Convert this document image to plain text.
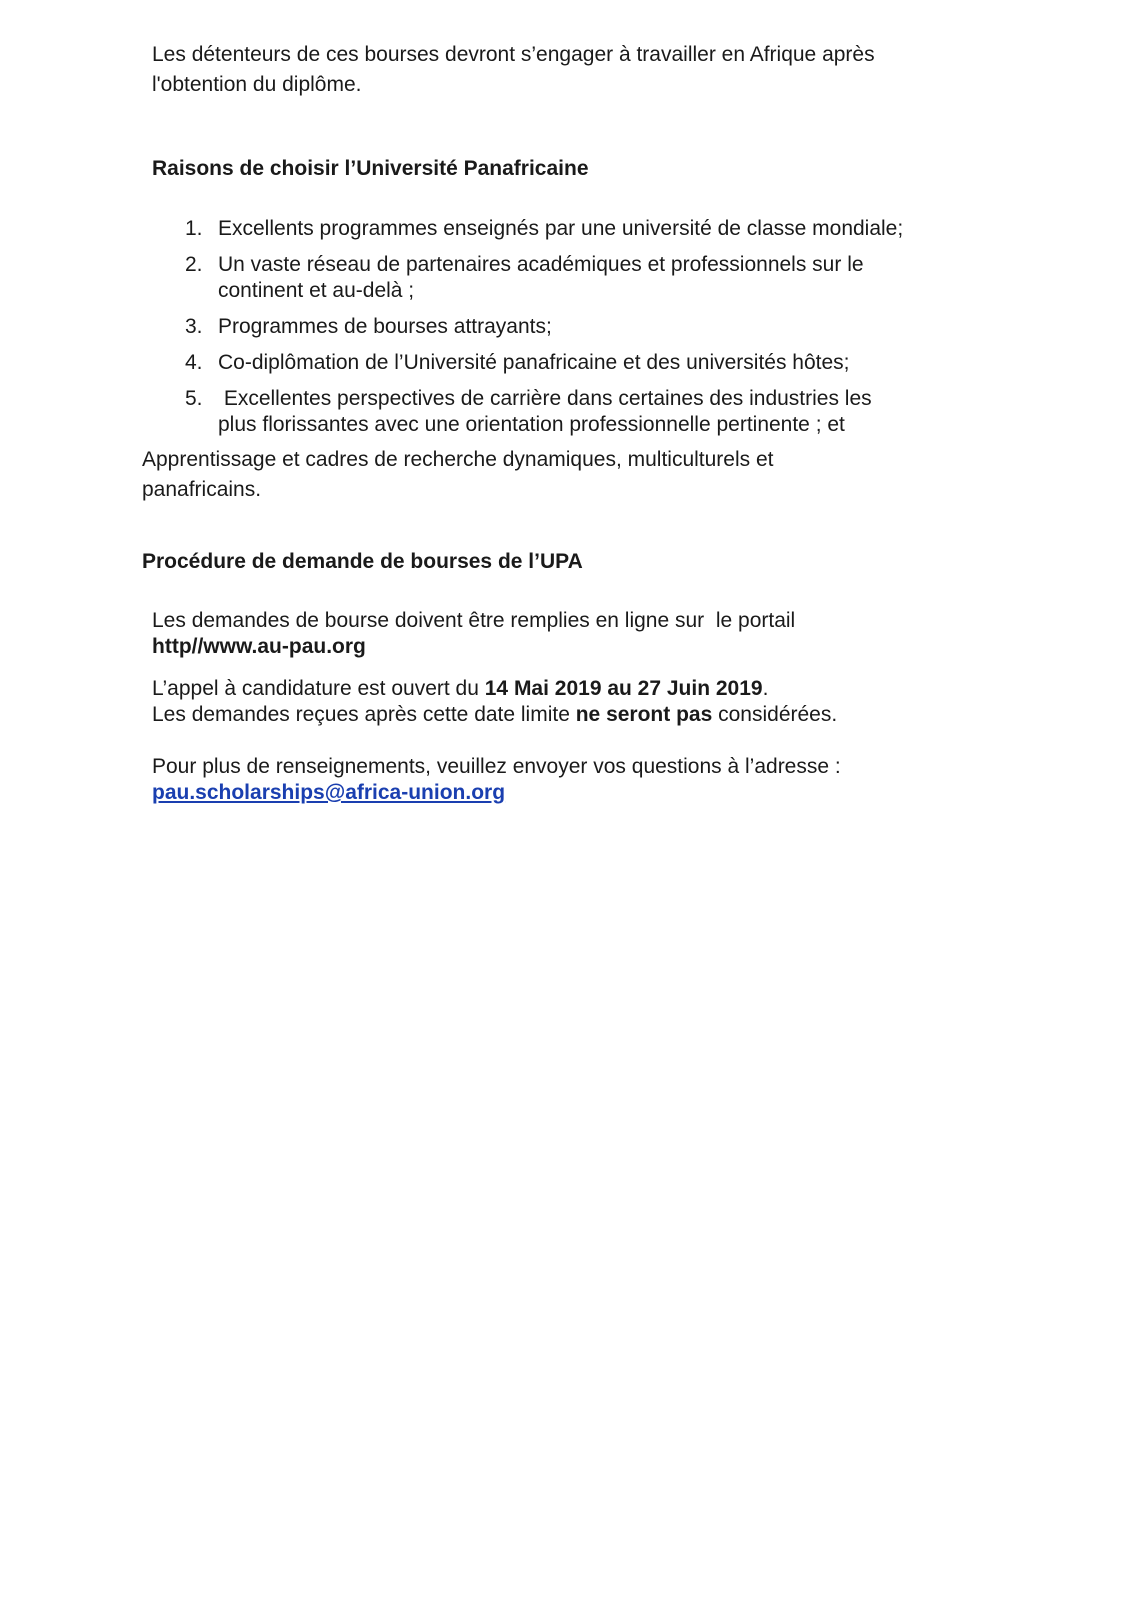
Les détenteurs de ces bourses devront s’engager à travailler en Afrique après
l'obtention du diplôme.
Raisons de choisir l’Université Panafricaine
1. Excellents programmes enseignés par une université de classe mondiale;
2. Un vaste réseau de partenaires académiques et professionnels sur le
continent et au-delà ;
3. Programmes de bourses attrayants;
4. Co-diplômation de l’Université panafricaine et des universités hôtes;
5. Excellentes perspectives de carrière dans certaines des industries les
plus florissantes avec une orientation professionnelle pertinente ; et
Apprentissage et cadres de recherche dynamiques, multiculturels et
panafricains.
Procédure de demande de bourses de l’UPA
Les demandes de bourse doivent être remplies en ligne sur  le portail
http//www.au-pau.org
L’appel à candidature est ouvert du 14 Mai 2019 au 27 Juin 2019.
Les demandes reçues après cette date limite ne seront pas considérées.
Pour plus de renseignements, veuillez envoyer vos questions à l’adresse :
pau.scholarships@africa-union.org
